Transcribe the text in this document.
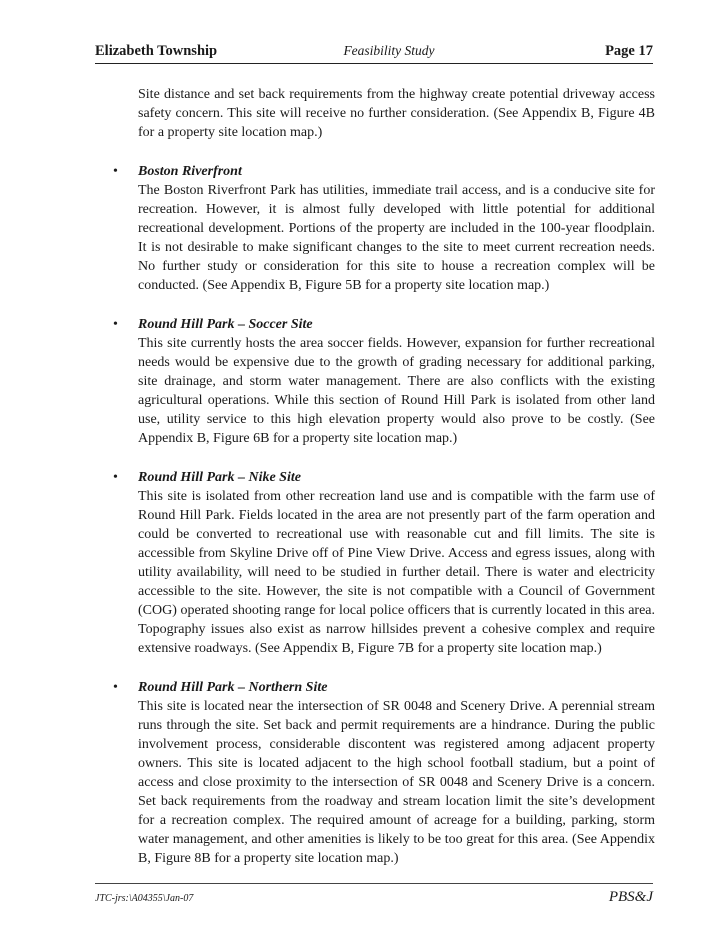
Elizabeth Township	Feasibility Study	Page 17

Site distance and set back requirements from the highway create potential driveway access safety concern. This site will receive no further consideration. (See Appendix B, Figure 4B for a property site location map.)

• Boston Riverfront

The Boston Riverfront Park has utilities, immediate trail access, and is a conducive site for recreation. However, it is almost fully developed with little potential for additional recreational development. Portions of the property are included in the 100-year floodplain. It is not desirable to make significant changes to the site to meet current recreation needs. No further study or consideration for this site to house a recreation complex will be conducted. (See Appendix B, Figure 5B for a property site location map.)

• Round Hill Park – Soccer Site

This site currently hosts the area soccer fields. However, expansion for further recreational needs would be expensive due to the growth of grading necessary for additional parking, site drainage, and storm water management. There are also conflicts with the existing agricultural operations. While this section of Round Hill Park is isolated from other land use, utility service to this high elevation property would also prove to be costly. (See Appendix B, Figure 6B for a property site location map.)

• Round Hill Park – Nike Site

This site is isolated from other recreation land use and is compatible with the farm use of Round Hill Park. Fields located in the area are not presently part of the farm operation and could be converted to recreational use with reasonable cut and fill limits. The site is accessible from Skyline Drive off of Pine View Drive. Access and egress issues, along with utility availability, will need to be studied in further detail. There is water and electricity accessible to the site. However, the site is not compatible with a Council of Government (COG) operated shooting range for local police officers that is currently located in this area. Topography issues also exist as narrow hillsides prevent a cohesive complex and require extensive roadways. (See Appendix B, Figure 7B for a property site location map.)

• Round Hill Park – Northern Site

This site is located near the intersection of SR 0048 and Scenery Drive. A perennial stream runs through the site. Set back and permit requirements are a hindrance. During the public involvement process, considerable discontent was registered among adjacent property owners. This site is located adjacent to the high school football stadium, but a point of access and close proximity to the intersection of SR 0048 and Scenery Drive is a concern. Set back requirements from the roadway and stream location limit the site’s development for a recreation complex. The required amount of acreage for a building, parking, storm water management, and other amenities is likely to be too great for this area. (See Appendix B, Figure 8B for a property site location map.)

JTC-jrs:\A04355\Jan-07	PBS&J
